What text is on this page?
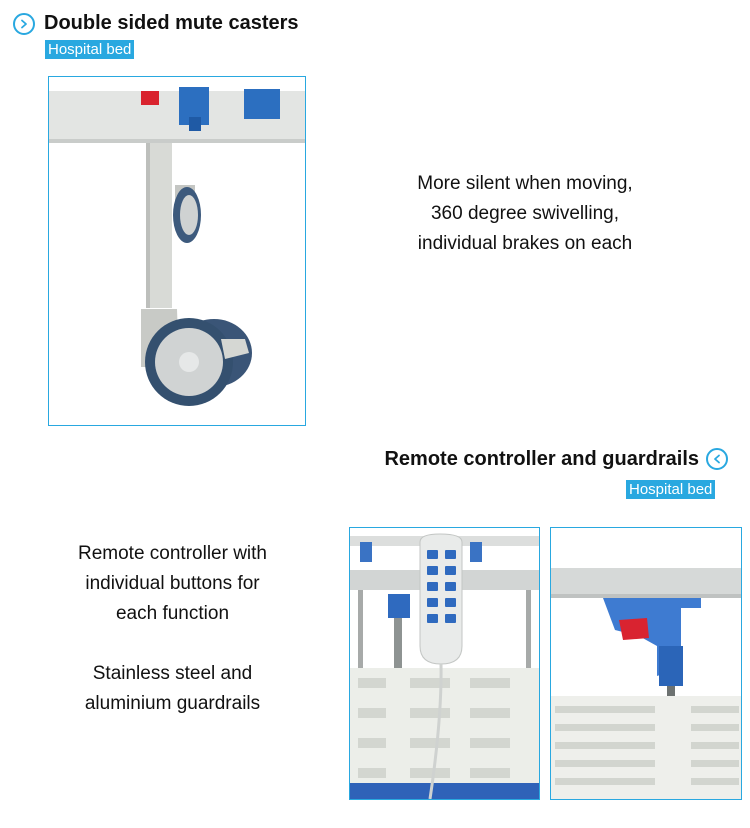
Double sided mute casters
Hospital bed
More silent when moving,
360 degree swivelling,
individual brakes on each
Remote controller and guardrails
Hospital bed
Remote controller with
individual buttons for
each function
Stainless steel and
aluminium guardrails
